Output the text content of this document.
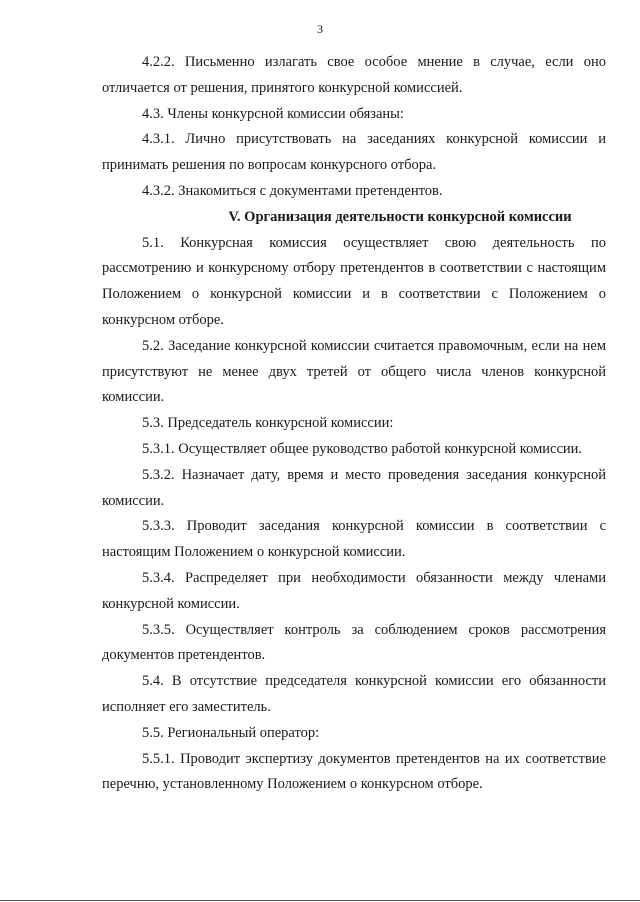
3

4.2.2. Письменно излагать свое особое мнение в случае, если оно отличается от решения, принятого конкурсной комиссией.

4.3. Члены конкурсной комиссии обязаны:

4.3.1. Лично присутствовать на заседаниях конкурсной комиссии и принимать решения по вопросам конкурсного отбора.

4.3.2. Знакомиться с документами претендентов.

V. Организация деятельности конкурсной комиссии

5.1. Конкурсная комиссия осуществляет свою деятельность по рассмотрению и конкурсному отбору претендентов в соответствии с настоящим Положением о конкурсной комиссии и в соответствии с Положением о конкурсном отборе.

5.2. Заседание конкурсной комиссии считается правомочным, если на нем присутствуют не менее двух третей от общего числа членов конкурсной комиссии.

5.3. Председатель конкурсной комиссии:

5.3.1. Осуществляет общее руководство работой конкурсной комиссии.

5.3.2. Назначает дату, время и место проведения заседания конкурсной комиссии.

5.3.3. Проводит заседания конкурсной комиссии в соответствии с настоящим Положением о конкурсной комиссии.

5.3.4. Распределяет при необходимости обязанности между членами конкурсной комиссии.

5.3.5. Осуществляет контроль за соблюдением сроков рассмотрения документов претендентов.

5.4. В отсутствие председателя конкурсной комиссии его обязанности исполняет его заместитель.

5.5. Региональный оператор:

5.5.1. Проводит экспертизу документов претендентов на их соответствие перечню, установленному Положением о конкурсном отборе.
